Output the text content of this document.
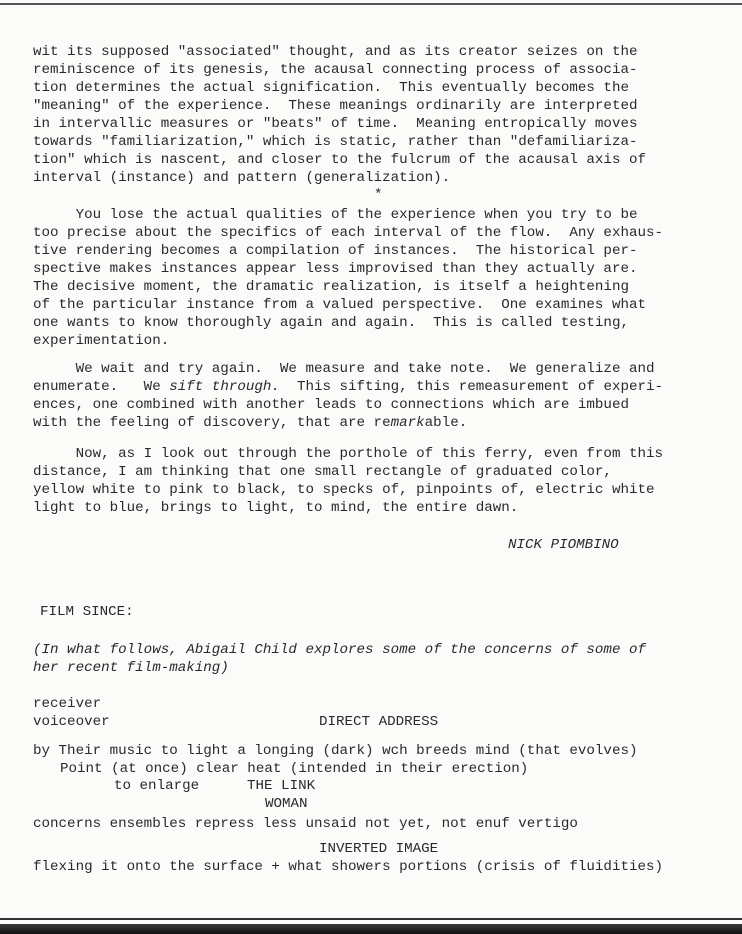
wit its supposed "associated" thought, and as its creator seizes on the
reminiscence of its genesis, the acausal connecting process of associa-
tion determines the actual signification.  This eventually becomes the
"meaning" of the experience.  These meanings ordinarily are interpreted
in intervallic measures or "beats" of time.  Meaning entropically moves
towards "familiarization," which is static, rather than "defamiliariza-
tion" which is nascent, and closer to the fulcrum of the acausal axis of
interval (instance) and pattern (generalization).
*
You lose the actual qualities of the experience when you try to be
too precise about the specifics of each interval of the flow.  Any exhaus-
tive rendering becomes a compilation of instances.  The historical per-
spective makes instances appear less improvised than they actually are.
The decisive moment, the dramatic realization, is itself a heightening
of the particular instance from a valued perspective.  One examines what
one wants to know thoroughly again and again.  This is called testing,
experimentation.
We wait and try again.  We measure and take note.  We generalize and
enumerate.   We sift through.  This sifting, this remeasurement of experi-
ences, one combined with another leads to connections which are imbued
with the feeling of discovery, that are remarkable.
Now, as I look out through the porthole of this ferry, even from this
distance, I am thinking that one small rectangle of graduated color,
yellow white to pink to black, to specks of, pinpoints of, electric white
light to blue, brings to light, to mind, the entire dawn.
NICK PIOMBINO
FILM SINCE:
(In what follows, Abigail Child explores some of the concerns of some of
her recent film-making)
receiver
voiceover	DIRECT ADDRESS
by Their music to light a longing (dark) wch breeds mind (that evolves)
Point (at once) clear heat (intended in their erection)
to enlarge	THE LINK
WOMAN
concerns ensembles repress less unsaid not yet, not enuf vertigo
INVERTED IMAGE
flexing it onto the surface + what showers portions (crisis of fluidities)
